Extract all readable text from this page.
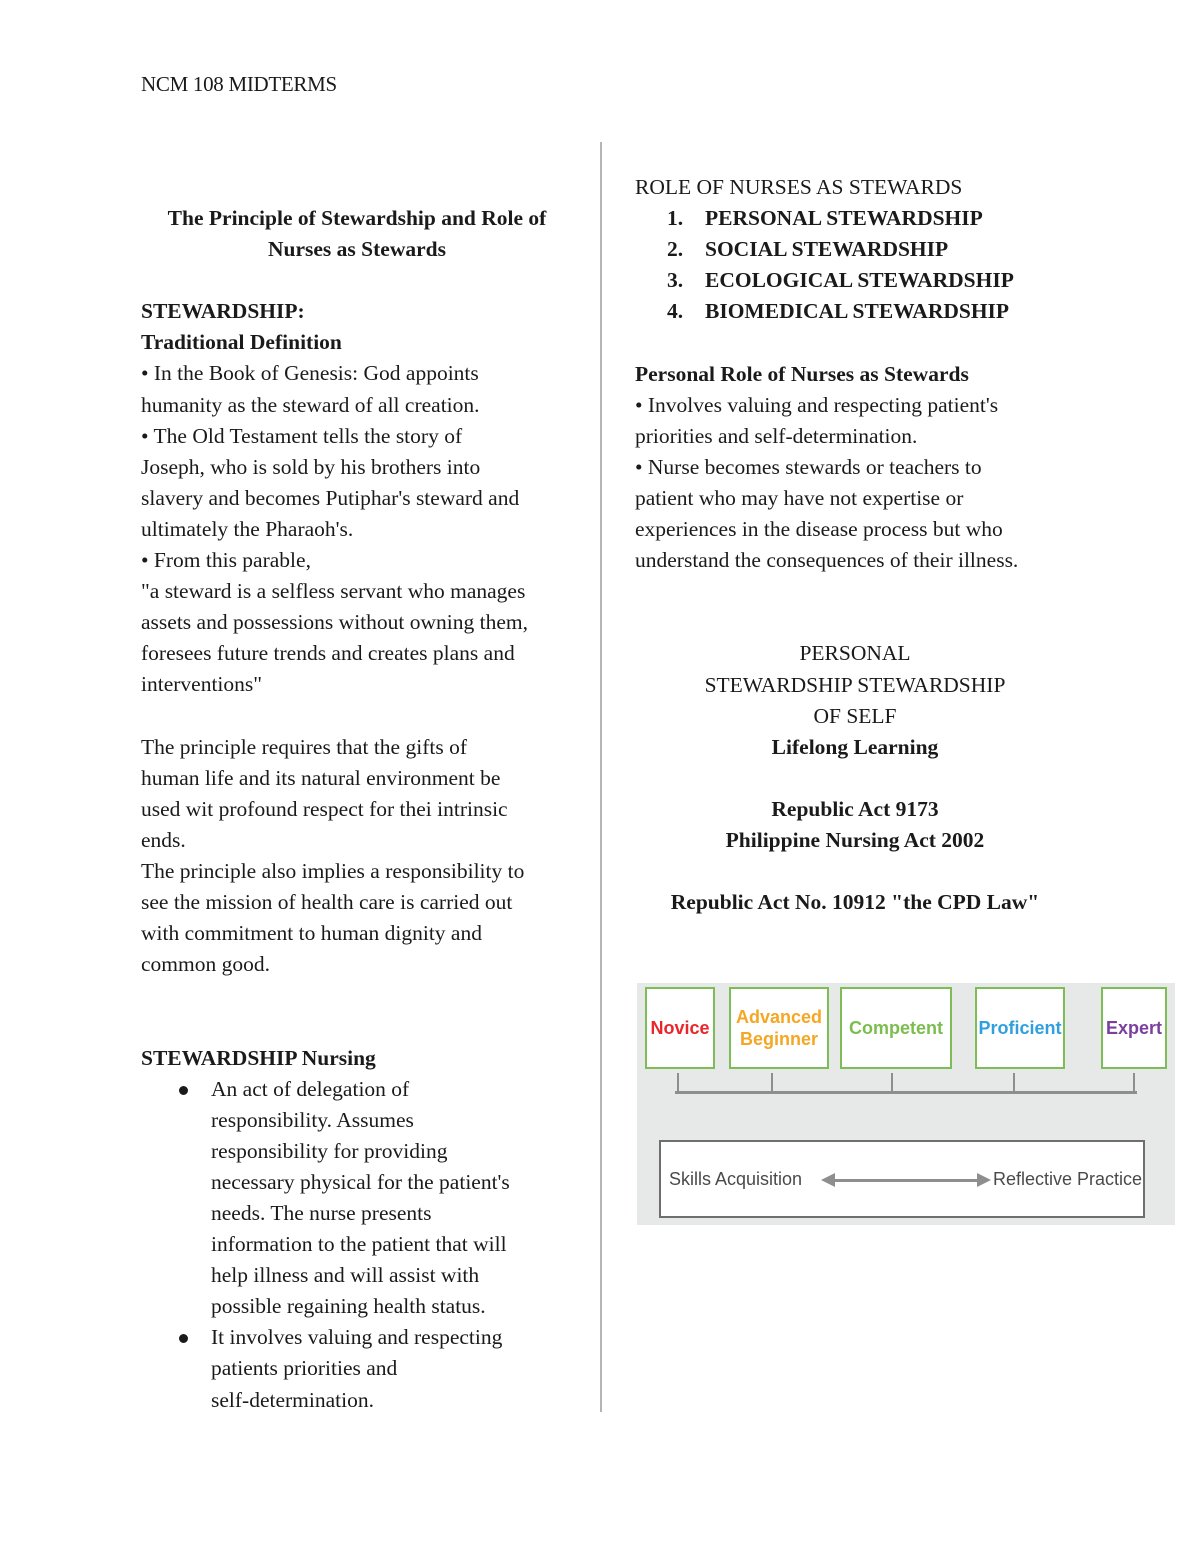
NCM 108 MIDTERMS

The Principle of Stewardship and Role of

Nurses as Stewards

STEWARDSHIP:

Traditional Definition

• In the Book of Genesis: God appoints

humanity as the steward of all creation.

• The Old Testament tells the story of

Joseph, who is sold by his brothers into

slavery and becomes Putiphar's steward and

ultimately the Pharaoh's.

• From this parable,

"a steward is a selfless servant who manages

assets and possessions without owning them,

foresees future trends and creates plans and

interventions"

The principle requires that the gifts of

human life and its natural environment be

used wit profound respect for thei intrinsic

ends.

The principle also implies a responsibility to

see the mission of health care is carried out

with commitment to human dignity and

common good.

STEWARDSHIP Nursing

An act of delegation of
responsibility. Assumes
responsibility for providing
necessary physical for the patient's
needs. The nurse presents
information to the patient that will
help illness and will assist with
possible regaining health status.
It involves valuing and respecting
patients priorities and
self-determination.

ROLE OF NURSES AS STEWARDS

1.	PERSONAL STEWARDSHIP
2.	SOCIAL STEWARDSHIP
3.	ECOLOGICAL STEWARDSHIP
4.	BIOMEDICAL STEWARDSHIP

Personal Role of Nurses as Stewards

• Involves valuing and respecting patient's

priorities and self-determination.

• Nurse becomes stewards or teachers to

patient who may have not expertise or

experiences in the disease process but who

understand the consequences of their illness.

PERSONAL

STEWARDSHIP STEWARDSHIP

OF SELF

Lifelong Learning

Republic Act 9173

Philippine Nursing Act 2002

Republic Act No. 10912 "the CPD Law"

Novice
Advanced
Beginner
Competent Proficient Expert
Skills Acquisition	Reflective Practice
